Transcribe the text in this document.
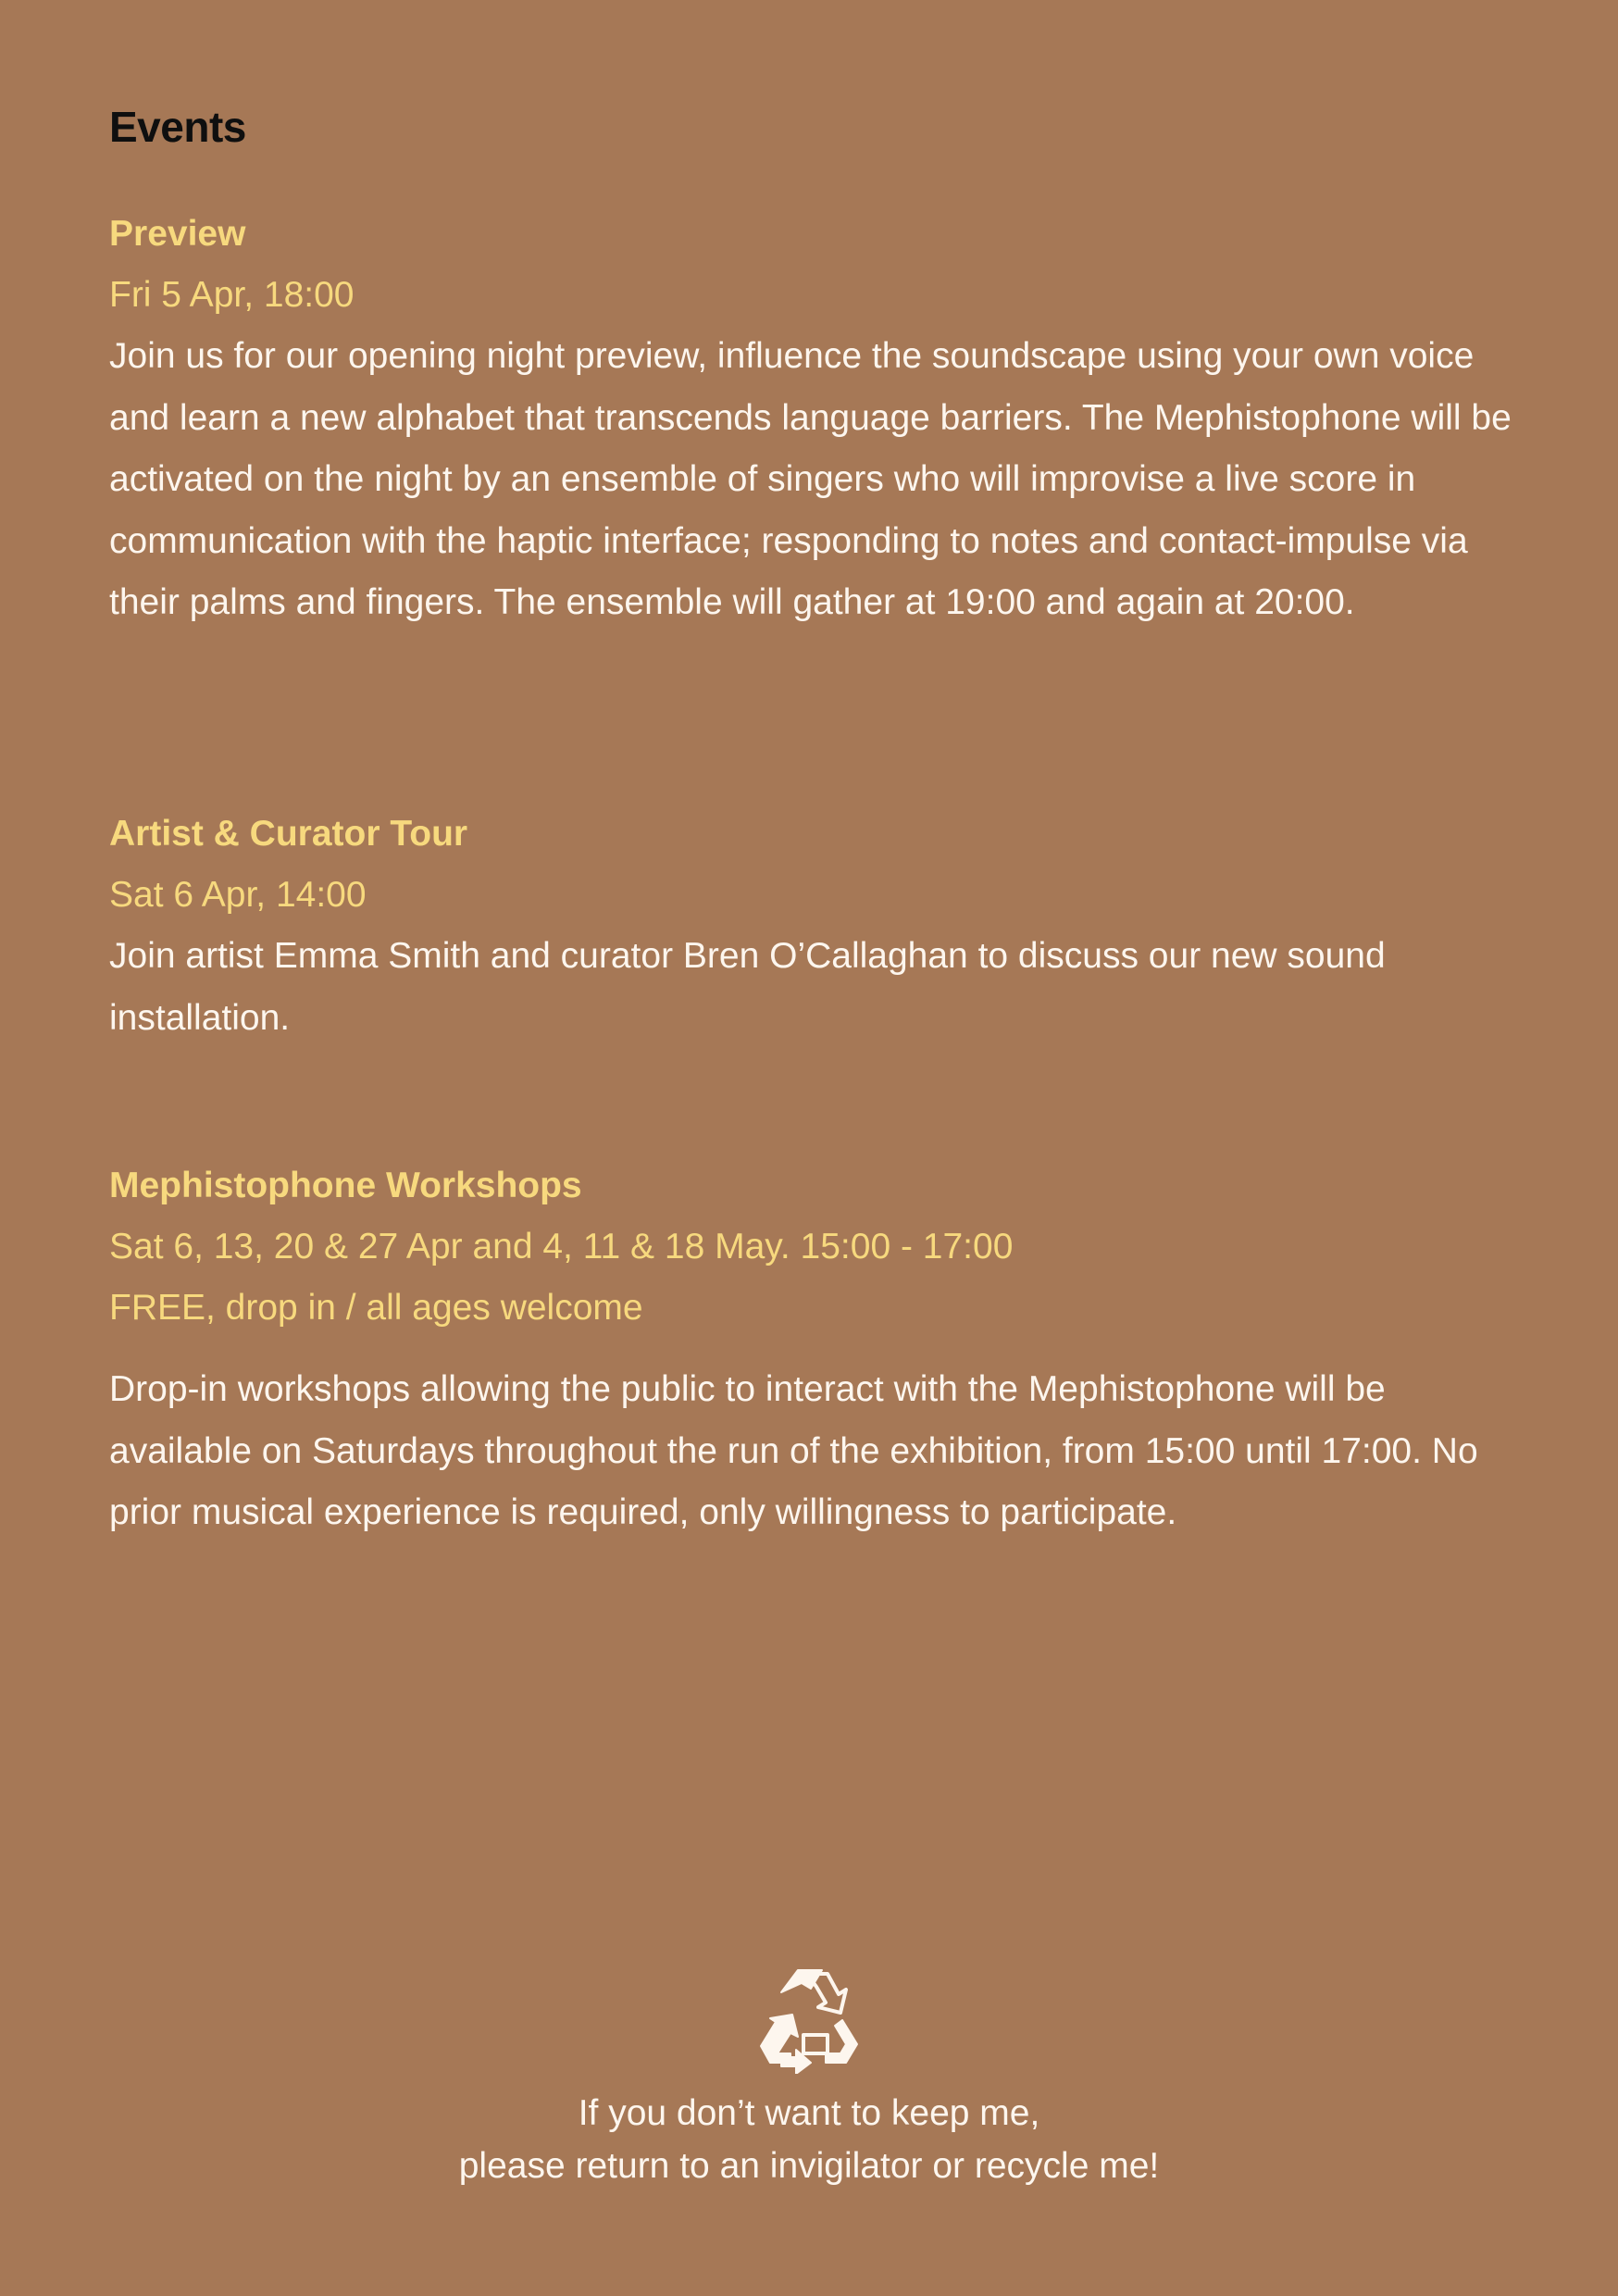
Events

Preview

Fri 5 Apr, 18:00

Join us for our opening night preview, influence the soundscape using your own voice and learn a new alphabet that transcends language barriers. The Mephistophone will be activated on the night by an ensemble of singers who will improvise a live score in communication with the haptic interface; responding to notes and contact-impulse via their palms and fingers. The ensemble will gather at 19:00 and again at 20:00.

Artist & Curator Tour

Sat 6 Apr, 14:00

Join artist Emma Smith and curator Bren O’Callaghan to discuss our new sound installation.

Mephistophone Workshops

Sat 6, 13, 20 & 27 Apr and 4, 11 & 18 May. 15:00 - 17:00

FREE, drop in / all ages welcome

Drop-in workshops allowing the public to interact with the Mephistophone will be available on Saturdays throughout the run of the exhibition, from 15:00 until 17:00. No prior musical experience is required, only willingness to participate.

If you don’t want to keep me,
please return to an invigilator or recycle me!
